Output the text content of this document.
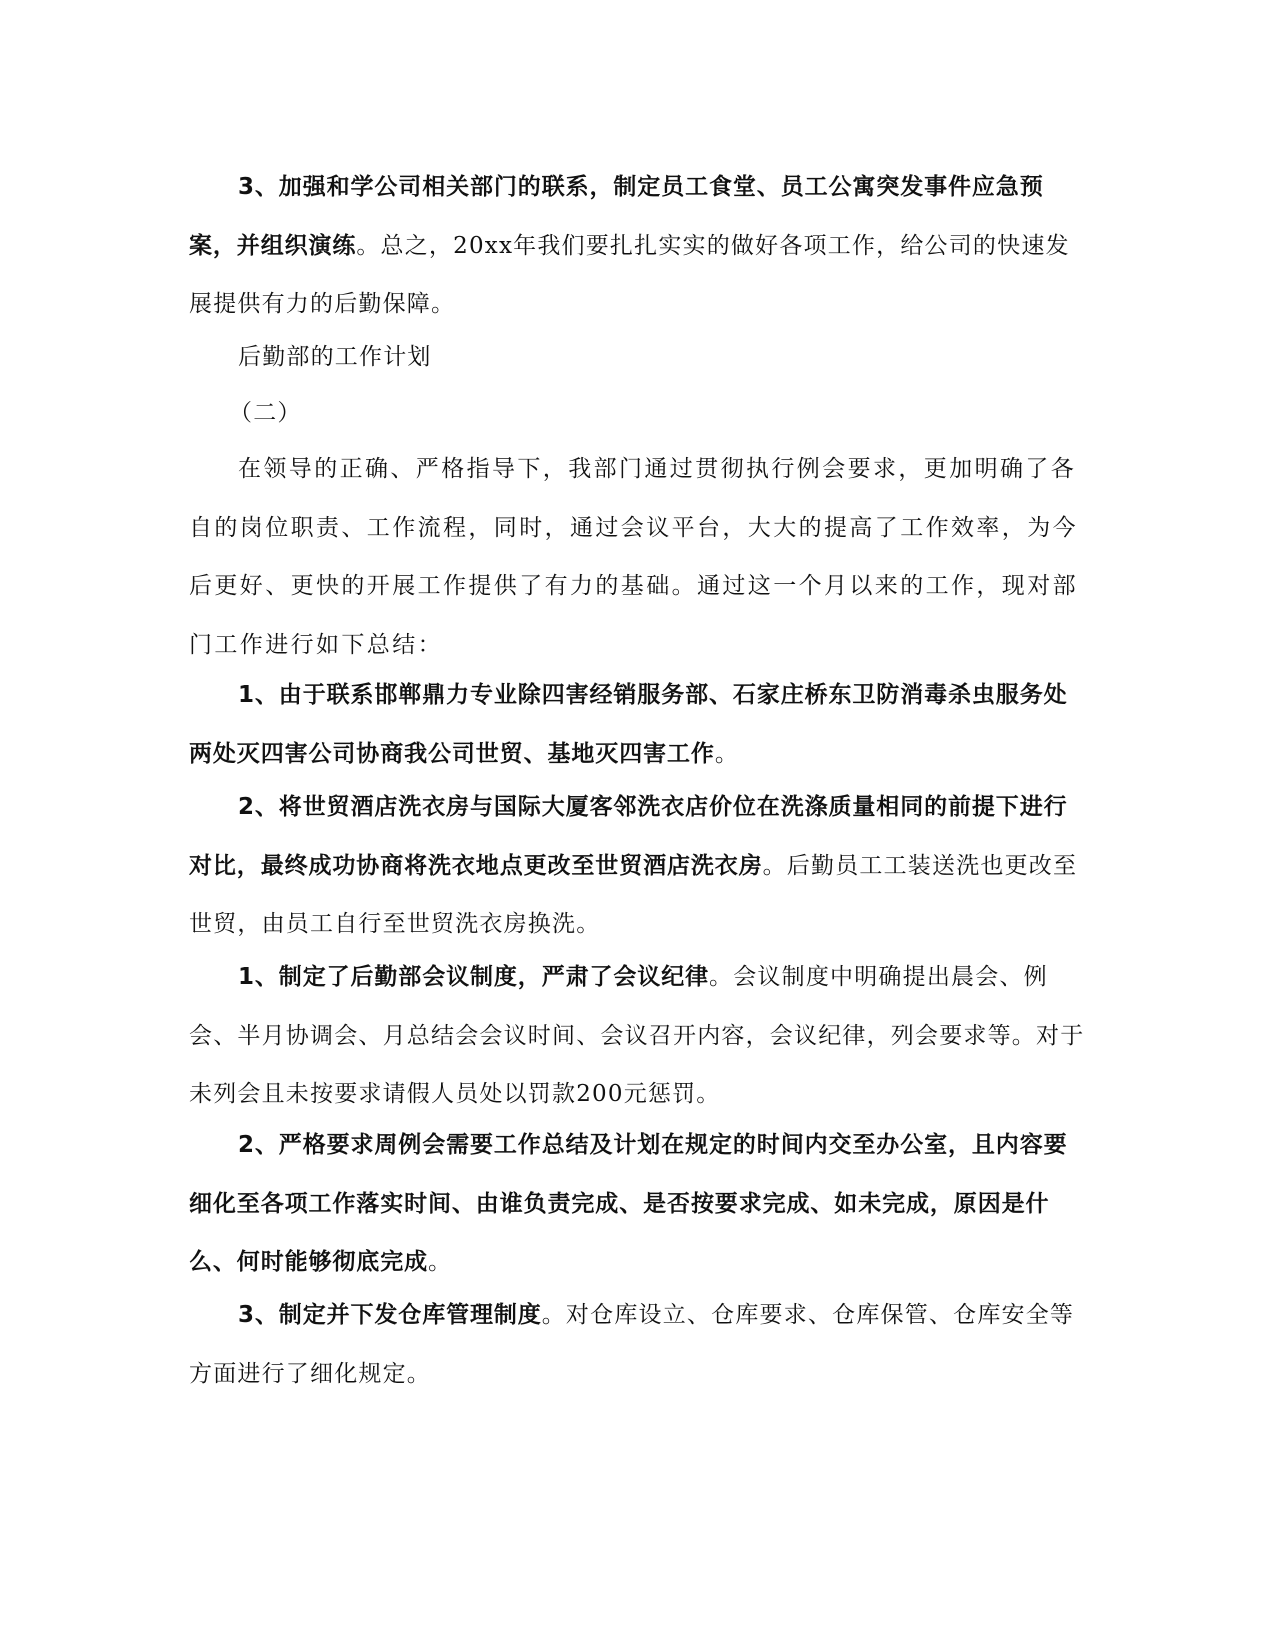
3、加强和学公司相关部门的联系，制定员工食堂、员工公寓突发事件应急预案，并组织演练。总之，20xx年我们要扎扎实实的做好各项工作，给公司的快速发展提供有力的后勤保障。

后勤部的工作计划

（二）

在领导的正确、严格指导下，我部门通过贯彻执行例会要求，更加明确了各自的岗位职责、工作流程，同时，通过会议平台，大大的提高了工作效率，为今后更好、更快的开展工作提供了有力的基础。通过这一个月以来的工作，现对部门工作进行如下总结：

1、由于联系邯郸鼎力专业除四害经销服务部、石家庄桥东卫防消毒杀虫服务处两处灭四害公司协商我公司世贸、基地灭四害工作。

2、将世贸酒店洗衣房与国际大厦客邻洗衣店价位在洗涤质量相同的前提下进行对比，最终成功协商将洗衣地点更改至世贸酒店洗衣房。后勤员工工装送洗也更改至世贸，由员工自行至世贸洗衣房换洗。

1、制定了后勤部会议制度，严肃了会议纪律。会议制度中明确提出晨会、例会、半月协调会、月总结会会议时间、会议召开内容，会议纪律，列会要求等。对于未列会且未按要求请假人员处以罚款200元惩罚。

2、严格要求周例会需要工作总结及计划在规定的时间内交至办公室，且内容要细化至各项工作落实时间、由谁负责完成、是否按要求完成、如未完成，原因是什么、何时能够彻底完成。

3、制定并下发仓库管理制度。对仓库设立、仓库要求、仓库保管、仓库安全等方面进行了细化规定。
